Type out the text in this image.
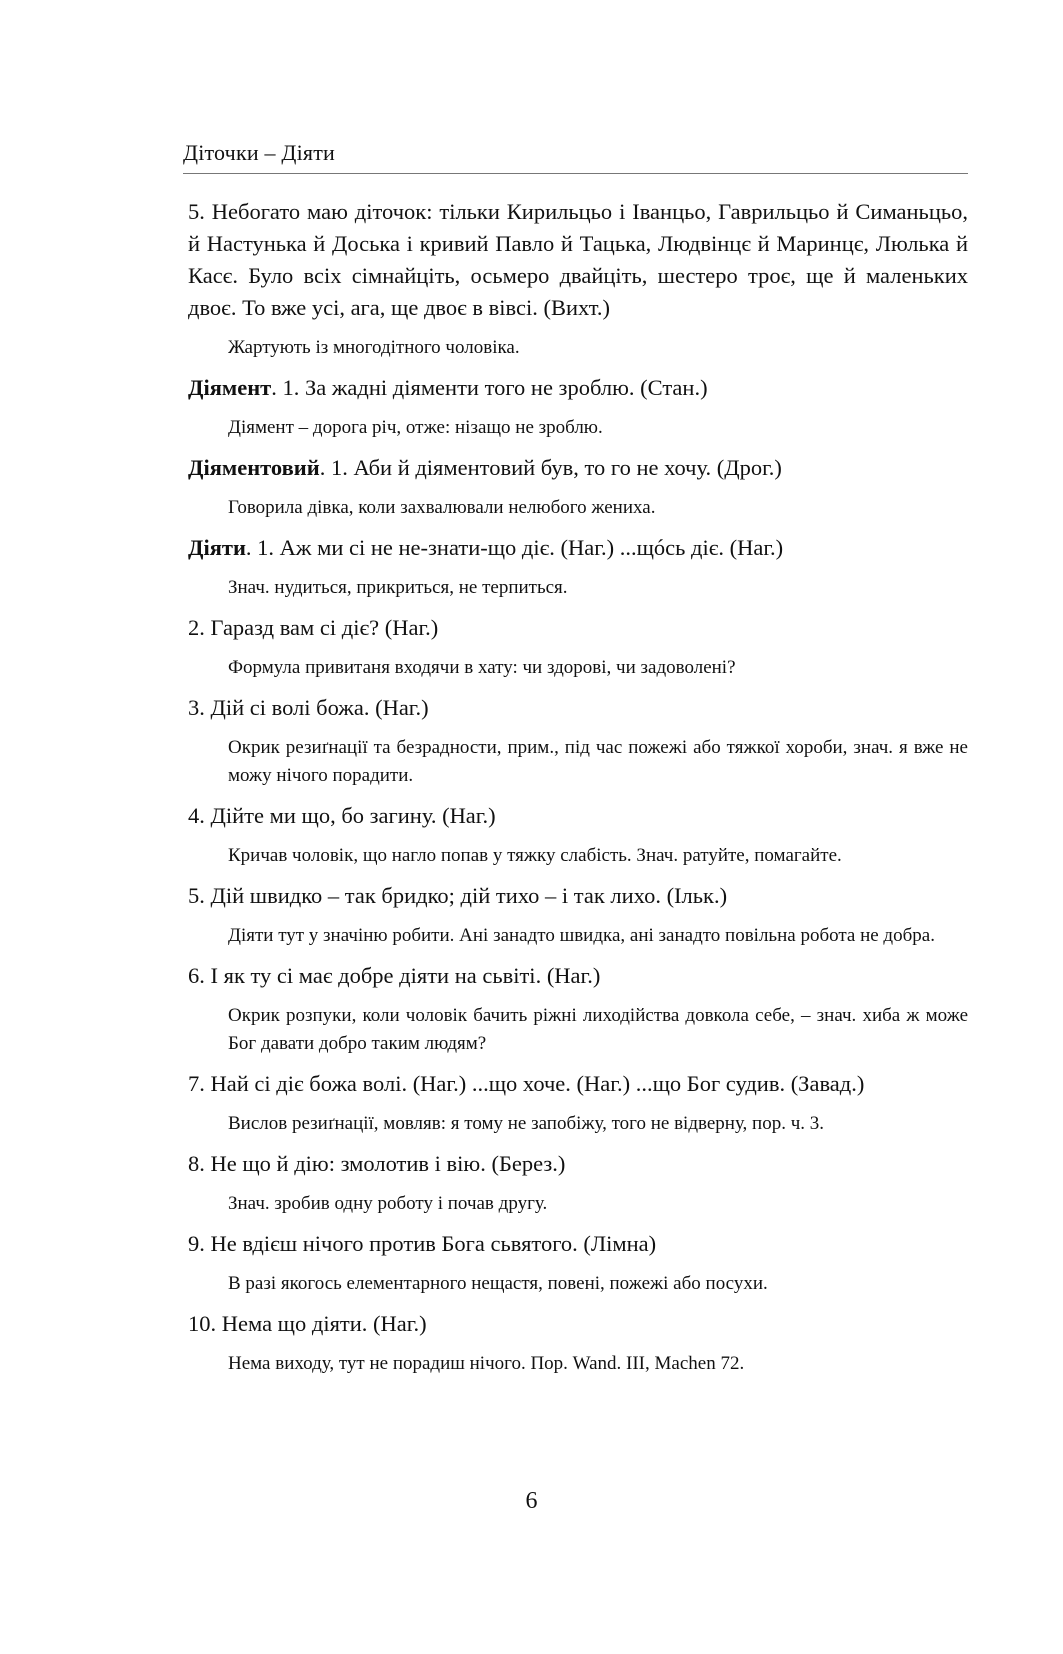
Діточки – Діяти

5. Небогато маю діточок: тільки Кирильцьо і Іванцьо, Гаврильцьо й Симаньцьо, й Настунька й Доська і кривий Павло й Тацька, Людвінцє й Маринцє, Люлька й Касє. Було всіх сімнайціть, осьмеро двайціть, шестеро троє, ще й маленьких двоє. То вже усі, ага, ще двоє в вівсі. (Вихт.)

Жартують із многодітного чоловіка.

Діямент. 1. За жадні діяменти того не зроблю. (Стан.)

Діямент – дорога річ, отже: нізащо не зроблю.

Діяментовий. 1. Аби й діяментовий був, то го не хочу. (Дрог.)

Говорила дівка, коли захвалювали нелюбого жениха.

Діяти. 1. Аж ми сі не не-знати-що діє. (Наг.) ...щóсь діє. (Наг.)

Знач. нудиться, прикриться, не терпиться.

2. Гаразд вам сі діє? (Наг.)

Формула привитаня входячи в хату: чи здорові, чи задоволені?

3. Дій сі волі божа. (Наг.)

Окрик резиґнації та безрадности, прим., під час пожежі або тяжкої хороби, знач. я вже не можу нічого порадити.

4. Дійте ми що, бо загину. (Наг.)

Кричав чоловік, що нагло попав у тяжку слабість. Знач. ратуйте, помагайте.

5. Дій швидко – так бридко; дій тихо – і так лихо. (Ільк.)

Діяти тут у значіню робити. Ані занадто швидка, ані занадто повільна робота не добра.

6. І як ту сі має добре діяти на сьвіті. (Наг.)

Окрик розпуки, коли чоловік бачить ріжні лиходійства довкола себе, – знач. хиба ж може Бог давати добро таким людям?

7. Най сі діє божа волі. (Наг.) ...що хоче. (Наг.) ...що Бог судив. (Завад.)

Вислов резиґнації, мовляв: я тому не запобіжу, того не відверну, пор. ч. 3.

8. Не що й дію: змолотив і вію. (Берез.)

Знач. зробив одну роботу і почав другу.

9. Не вдієш нічого против Бога сьвятого. (Лімна)

В разі якогось елементарного нещастя, повені, пожежі або посухи.

10. Нема що діяти. (Наг.)

Нема виходу, тут не порадиш нічого. Пор. Wand. III, Machen 72.

6
